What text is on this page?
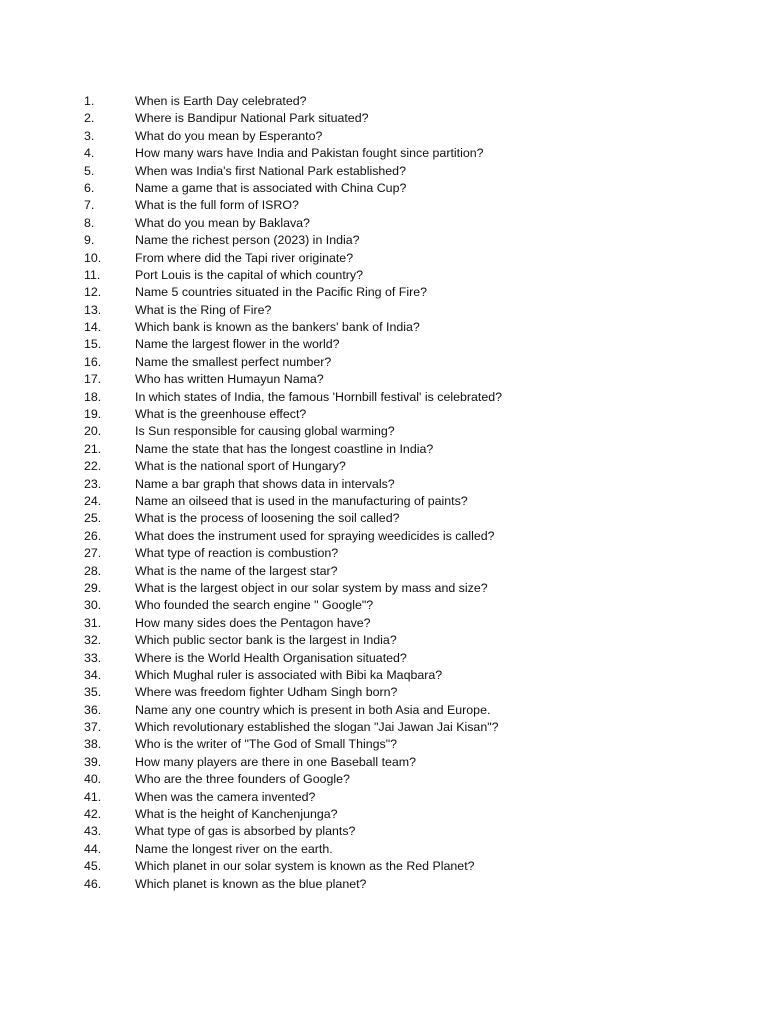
1.	When is Earth Day celebrated?
2.	Where is Bandipur National Park situated?
3.	What do you mean by Esperanto?
4.	How many wars have India and Pakistan fought since partition?
5.	When was India's first National Park established?
6.	Name a game that is associated with China Cup?
7.	What is the full form of ISRO?
8.	What do you mean by Baklava?
9.	Name the richest person (2023) in India?
10.	From where did the Tapi river originate?
11.	Port Louis is the capital of which country?
12.	Name 5 countries situated in the Pacific Ring of Fire?
13.	What is the Ring of Fire?
14.	Which bank is known as the bankers' bank of India?
15.	Name the largest flower in the world?
16.	Name the smallest perfect number?
17.	Who has written Humayun Nama?
18.	In which states of India, the famous 'Hornbill festival' is celebrated?
19.	What is the greenhouse effect?
20.	Is Sun responsible for causing global warming?
21.	Name the state that has the longest coastline in India?
22.	What is the national sport of Hungary?
23.	Name a bar graph that shows data in intervals?
24.	Name an oilseed that is used in the manufacturing of paints?
25.	What is the process of loosening the soil called?
26.	What does the instrument used for spraying weedicides is called?
27.	What type of reaction is combustion?
28.	What is the name of the largest star?
29.	What is the largest object in our solar system by mass and size?
30.	Who founded the search engine " Google"?
31.	How many sides does the Pentagon have?
32.	Which public sector bank is the largest in India?
33.	Where is the World Health Organisation situated?
34.	Which Mughal ruler is associated with Bibi ka Maqbara?
35.	Where was freedom fighter Udham Singh born?
36.	Name any one country which is present in both Asia and Europe.
37.	Which revolutionary established the slogan "Jai Jawan Jai Kisan"?
38.	Who is the writer of "The God of Small Things"?
39.	How many players are there in one Baseball team?
40.	Who are the three founders of Google?
41.	When was the camera invented?
42.	What is the height of Kanchenjunga?
43.	What type of gas is absorbed by plants?
44.	Name the longest river on the earth.
45.	Which planet in our solar system is known as the Red Planet?
46.	Which planet is known as the blue planet?
